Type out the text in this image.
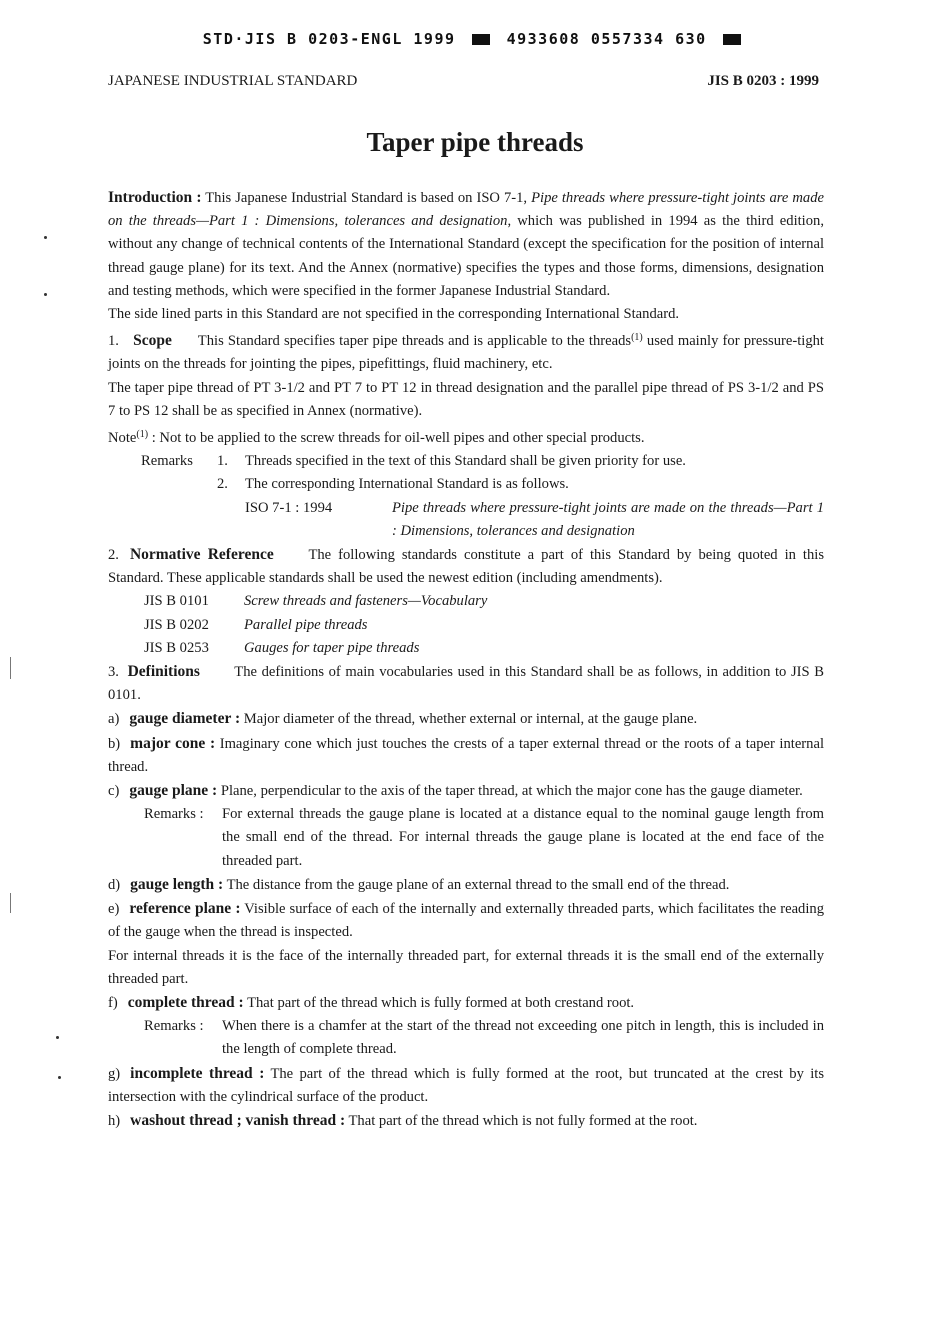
STD·JIS B 0203-ENGL 1999	4933608 0557334 630
JAPANESE INDUSTRIAL STANDARD	JIS B 0203 : 1999
Taper pipe threads

Introduction : This Japanese Industrial Standard is based on ISO 7-1, Pipe threads where pressure-tight joints are made on the threads—Part 1 : Dimensions, tolerances and designation, which was published in 1994 as the third edition, without any change of technical contents of the International Standard (except the specification for the position of internal thread gauge plane) for its text. And the Annex (normative) specifies the types and those forms, dimensions, designation and testing methods, which were specified in the former Japanese Industrial Standard.

The side lined parts in this Standard are not specified in the corresponding International Standard.

1. Scope This Standard specifies taper pipe threads and is applicable to the threads$^{(1)}$ used mainly for pressure-tight joints on the threads for jointing the pipes, pipefittings, fluid machinery, etc.

The taper pipe thread of PT 3-1/2 and PT 7 to PT 12 in thread designation and the parallel pipe thread of PS 3-1/2 and PS 7 to PS 12 shall be as specified in Annex (normative).

Note$^{(1)}$ : Not to be applied to the screw threads for oil-well pipes and other special products.

Remarks	1.	Threads specified in the text of this Standard shall be given priority for use.
2.	The corresponding International Standard is as follows.
ISO 7-1 : 1994	Pipe threads where pressure-tight joints are made on the threads—Part 1 : Dimensions, tolerances and designation

2. Normative Reference The following standards constitute a part of this Standard by being quoted in this Standard. These applicable standards shall be used the newest edition (including amendments).

JIS B 0101	Screw threads and fasteners—Vocabulary
JIS B 0202	Parallel pipe threads
JIS B 0253	Gauges for taper pipe threads

3. Definitions The definitions of main vocabularies used in this Standard shall be as follows, in addition to JIS B 0101.

a) gauge diameter : Major diameter of the thread, whether external or internal, at the gauge plane.

b) major cone : Imaginary cone which just touches the crests of a taper external thread or the roots of a taper internal thread.

c) gauge plane : Plane, perpendicular to the axis of the taper thread, at which the major cone has the gauge diameter.

Remarks :	For external threads the gauge plane is located at a distance equal to the nominal gauge length from the small end of the thread. For internal threads the gauge plane is located at the end face of the threaded part.

d) gauge length : The distance from the gauge plane of an external thread to the small end of the thread.

e) reference plane : Visible surface of each of the internally and externally threaded parts, which facilitates the reading of the gauge when the thread is inspected.

For internal threads it is the face of the internally threaded part, for external threads it is the small end of the externally threaded part.

f) complete thread : That part of the thread which is fully formed at both crestand root.

Remarks :	When there is a chamfer at the start of the thread not exceeding one pitch in length, this is included in the length of complete thread.

g) incomplete thread : The part of the thread which is fully formed at the root, but truncated at the crest by its intersection with the cylindrical surface of the product.

h) washout thread ; vanish thread : That part of the thread which is not fully formed at the root.
